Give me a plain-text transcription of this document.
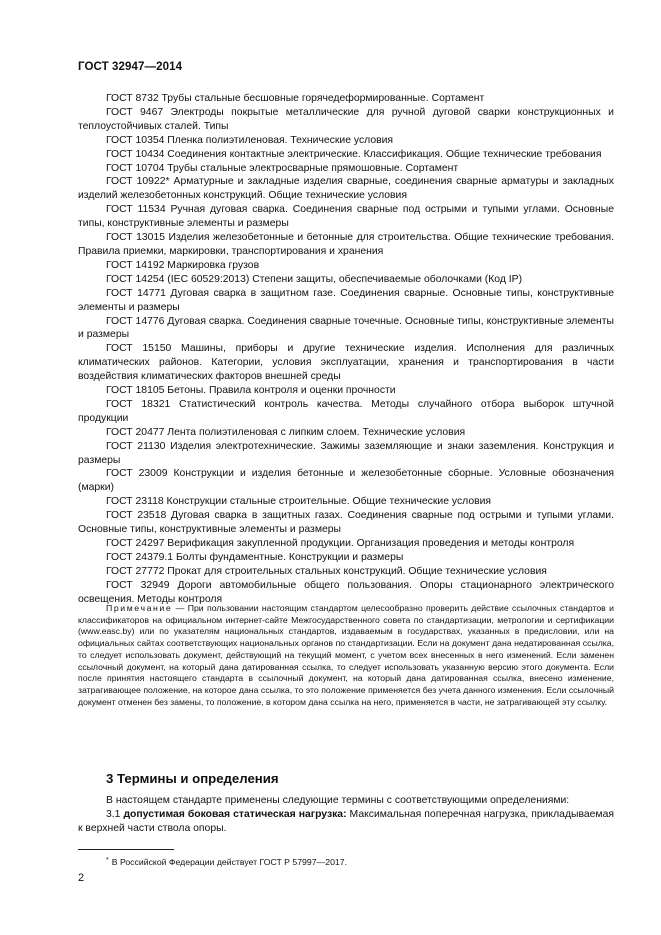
ГОСТ 32947—2014

ГОСТ 8732 Трубы стальные бесшовные горячедеформированные. Сортамент

ГОСТ 9467 Электроды покрытые металлические для ручной дуговой сварки конструкционных и теплоустойчивых сталей. Типы

ГОСТ 10354 Пленка полиэтиленовая. Технические условия

ГОСТ 10434 Соединения контактные электрические. Классификация. Общие технические требования

ГОСТ 10704 Трубы стальные электросварные прямошовные. Сортамент

ГОСТ 10922* Арматурные и закладные изделия сварные, соединения сварные арматуры и закладных изделий железобетонных конструкций. Общие технические условия

ГОСТ 11534 Ручная дуговая сварка. Соединения сварные под острыми и тупыми углами. Основные типы, конструктивные элементы и размеры

ГОСТ 13015 Изделия железобетонные и бетонные для строительства. Общие технические требования. Правила приемки, маркировки, транспортирования и хранения

ГОСТ 14192 Маркировка грузов

ГОСТ 14254 (IEC 60529:2013) Степени защиты, обеспечиваемые оболочками (Код IP)

ГОСТ 14771 Дуговая сварка в защитном газе. Соединения сварные. Основные типы, конструктивные элементы и размеры

ГОСТ 14776 Дуговая сварка. Соединения сварные точечные. Основные типы, конструктивные элементы и размеры

ГОСТ 15150 Машины, приборы и другие технические изделия. Исполнения для различных климатических районов. Категории, условия эксплуатации, хранения и транспортирования в части воздействия климатических факторов внешней среды

ГОСТ 18105 Бетоны. Правила контроля и оценки прочности

ГОСТ 18321 Статистический контроль качества. Методы случайного отбора выборок штучной продукции

ГОСТ 20477 Лента полиэтиленовая с липким слоем. Технические условия

ГОСТ 21130 Изделия электротехнические. Зажимы заземляющие и знаки заземления. Конструкция и размеры

ГОСТ 23009 Конструкции и изделия бетонные и железобетонные сборные. Условные обозначения (марки)

ГОСТ 23118 Конструкции стальные строительные. Общие технические условия

ГОСТ 23518 Дуговая сварка в защитных газах. Соединения сварные под острыми и тупыми углами. Основные типы, конструктивные элементы и размеры

ГОСТ 24297 Верификация закупленной продукции. Организация проведения и методы контроля

ГОСТ 24379.1 Болты фундаментные. Конструкции и размеры

ГОСТ 27772 Прокат для строительных стальных конструкций. Общие технические условия

ГОСТ 32949 Дороги автомобильные общего пользования. Опоры стационарного электрического освещения. Методы контроля

Примечание — При пользовании настоящим стандартом целесообразно проверить действие ссылочных стандартов и классификаторов на официальном интернет-сайте Межгосударственного совета по стандартизации, метрологии и сертификации (www.easc.by) или по указателям национальных стандартов, издаваемым в государствах, указанных в предисловии, или на официальных сайтах соответствующих национальных органов по стандартизации. Если на документ дана недатированная ссылка, то следует использовать документ, действующий на текущий момент, с учетом всех внесенных в него изменений. Если заменен ссылочный документ, на который дана датированная ссылка, то следует использовать указанную версию этого документа. Если после принятия настоящего стандарта в ссылочный документ, на который дана датированная ссылка, внесено изменение, затрагивающее положение, на которое дана ссылка, то это положение применяется без учета данного изменения. Если ссылочный документ отменен без замены, то положение, в котором дана ссылка на него, применяется в части, не затрагивающей эту ссылку.
3 Термины и определения

В настоящем стандарте применены следующие термины с соответствующими определениями:

3.1 допустимая боковая статическая нагрузка: Максимальная поперечная нагрузка, прикладываемая к верхней части ствола опоры.

* В Российской Федерации действует ГОСТ Р 57997—2017.
2
